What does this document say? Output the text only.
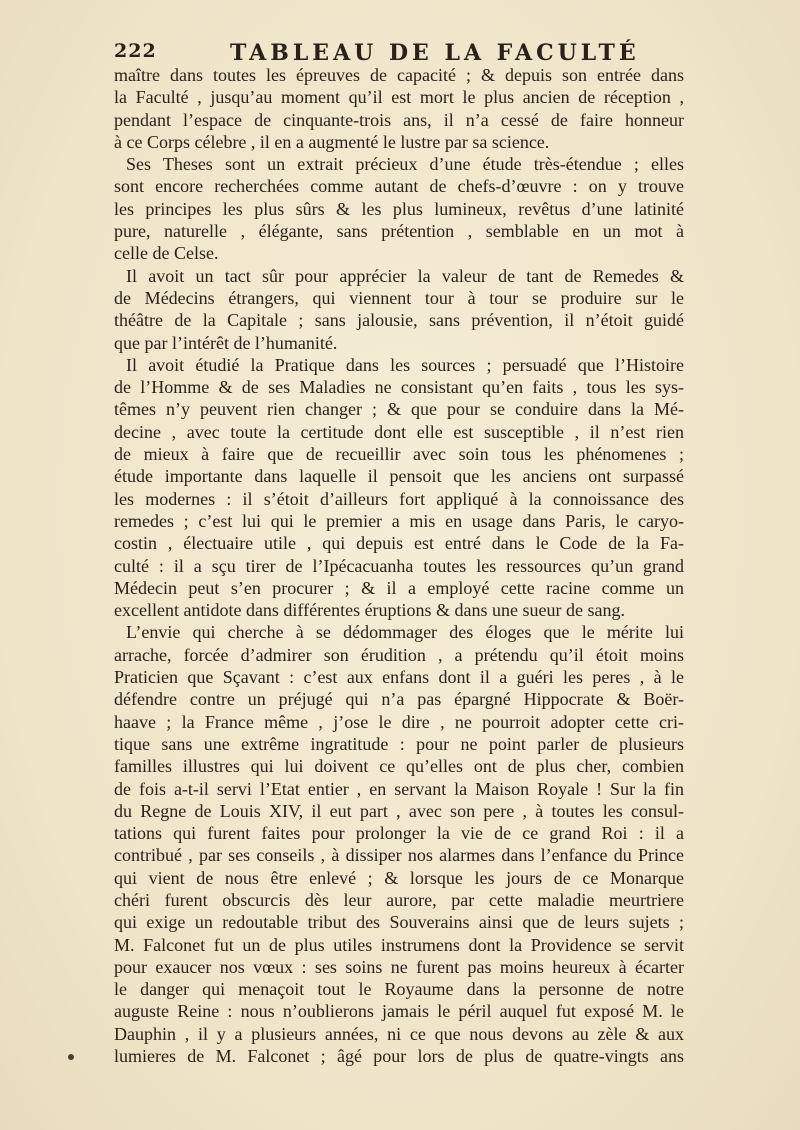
222	TABLEAU DE LA FACULTÉ
maître dans toutes les épreuves de capacité ; & depuis son entrée dans
la Faculté , jusqu’au moment qu’il est mort le plus ancien de réception ,
pendant l’espace de cinquante-trois ans, il n’a cessé de faire honneur
à ce Corps célebre , il en a augmenté le lustre par sa science.
Ses Theses sont un extrait précieux d’une étude très-étendue ; elles
sont encore recherchées comme autant de chefs-d’œuvre : on y trouve
les principes les plus sûrs & les plus lumineux, revêtus d’une latinité
pure, naturelle , élégante, sans prétention , semblable en un mot à
celle de Celse.
Il avoit un tact sûr pour apprécier la valeur de tant de Remedes &
de Médecins étrangers, qui viennent tour à tour se produire sur le
théâtre de la Capitale ; sans jalousie, sans prévention, il n’étoit guidé
que par l’intérêt de l’humanité.
Il avoit étudié la Pratique dans les sources ; persuadé que l’Histoire
de l’Homme & de ses Maladies ne consistant qu’en faits , tous les sys-
têmes n’y peuvent rien changer ; & que pour se conduire dans la Mé-
decine , avec toute la certitude dont elle est susceptible , il n’est rien
de mieux à faire que de recueillir avec soin tous les phénomenes ;
étude importante dans laquelle il pensoit que les anciens ont surpassé
les modernes : il s’étoit d’ailleurs fort appliqué à la connoissance des
remedes ; c’est lui qui le premier a mis en usage dans Paris, le caryo-
costin , électuaire utile , qui depuis est entré dans le Code de la Fa-
culté : il a sçu tirer de l’Ipécacuanha toutes les ressources qu’un grand
Médecin peut s’en procurer ; & il a employé cette racine comme un
excellent antidote dans différentes éruptions & dans une sueur de sang.
L’envie qui cherche à se dédommager des éloges que le mérite lui
arrache, forcée d’admirer son érudition , a prétendu qu’il étoit moins
Praticien que Sçavant : c’est aux enfans dont il a guéri les peres , à le
défendre contre un préjugé qui n’a pas épargné Hippocrate & Boër-
haave ; la France même , j’ose le dire , ne pourroit adopter cette cri-
tique sans une extrême ingratitude : pour ne point parler de plusieurs
familles illustres qui lui doivent ce qu’elles ont de plus cher, combien
de fois a-t-il servi l’Etat entier , en servant la Maison Royale ! Sur la fin
du Regne de Louis XIV, il eut part , avec son pere , à toutes les consul-
tations qui furent faites pour prolonger la vie de ce grand Roi : il a
contribué , par ses conseils , à dissiper nos alarmes dans l’enfance du Prince
qui vient de nous être enlevé ; & lorsque les jours de ce Monarque
chéri furent obscurcis dès leur aurore, par cette maladie meurtriere
qui exige un redoutable tribut des Souverains ainsi que de leurs sujets ;
M. Falconet fut un de plus utiles instrumens dont la Providence se servit
pour exaucer nos vœux : ses soins ne furent pas moins heureux à écarter
le danger qui menaçoit tout le Royaume dans la personne de notre
auguste Reine : nous n’oublierons jamais le péril auquel fut exposé M. le
Dauphin , il y a plusieurs années, ni ce que nous devons au zèle & aux
lumieres de M. Falconet ; âgé pour lors de plus de quatre-vingts ans
